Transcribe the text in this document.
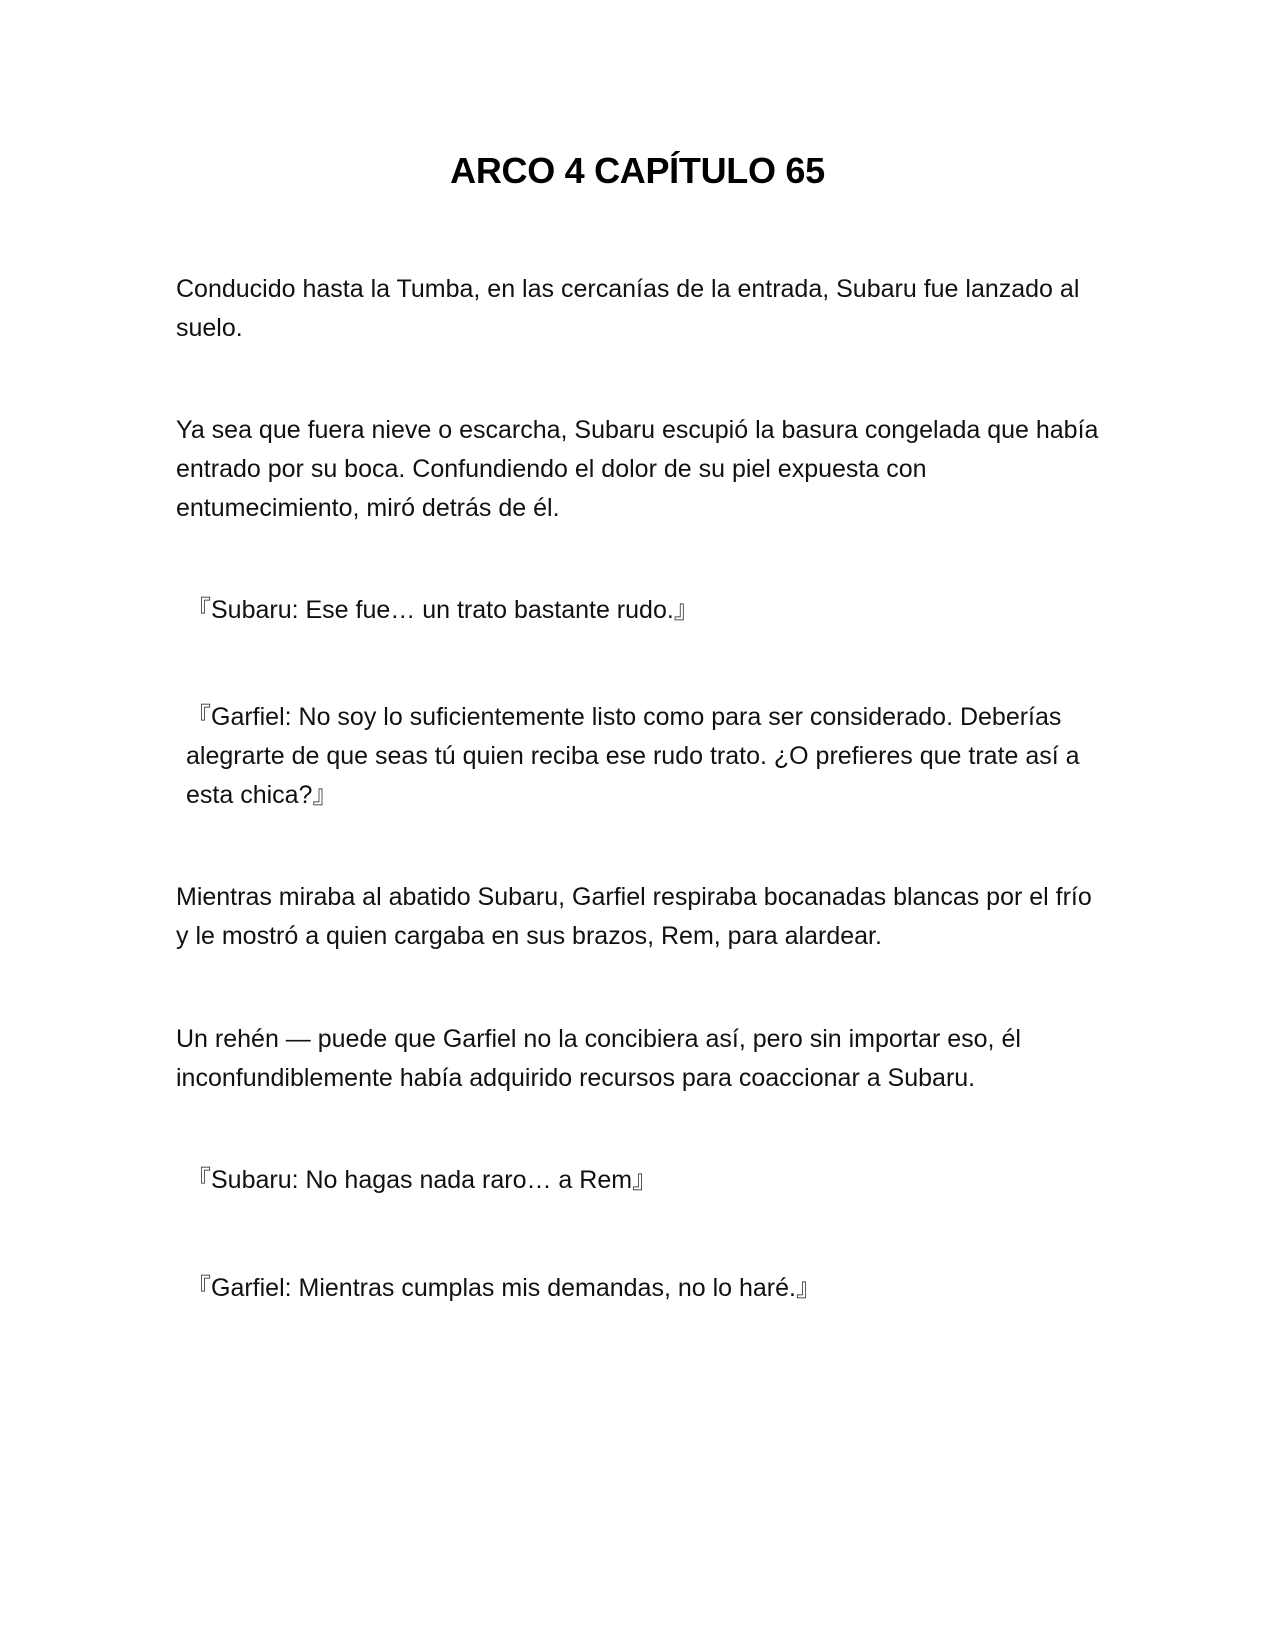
ARCO 4 CAPÍTULO 65

Conducido hasta la Tumba, en las cercanías de la entrada, Subaru fue lanzado al suelo.

Ya sea que fuera nieve o escarcha, Subaru escupió la basura congelada que había entrado por su boca. Confundiendo el dolor de su piel expuesta con entumecimiento, miró detrás de él.

『Subaru: Ese fue… un trato bastante rudo.』

『Garfiel: No soy lo suficientemente listo como para ser considerado. Deberías alegrarte de que seas tú quien reciba ese rudo trato. ¿O prefieres que trate así a esta chica?』

Mientras miraba al abatido Subaru, Garfiel respiraba bocanadas blancas por el frío y le mostró a quien cargaba en sus brazos, Rem, para alardear.

Un rehén — puede que Garfiel no la concibiera así, pero sin importar eso, él inconfundiblemente había adquirido recursos para coaccionar a Subaru.

『Subaru: No hagas nada raro… a Rem』

『Garfiel: Mientras cumplas mis demandas, no lo haré.』
